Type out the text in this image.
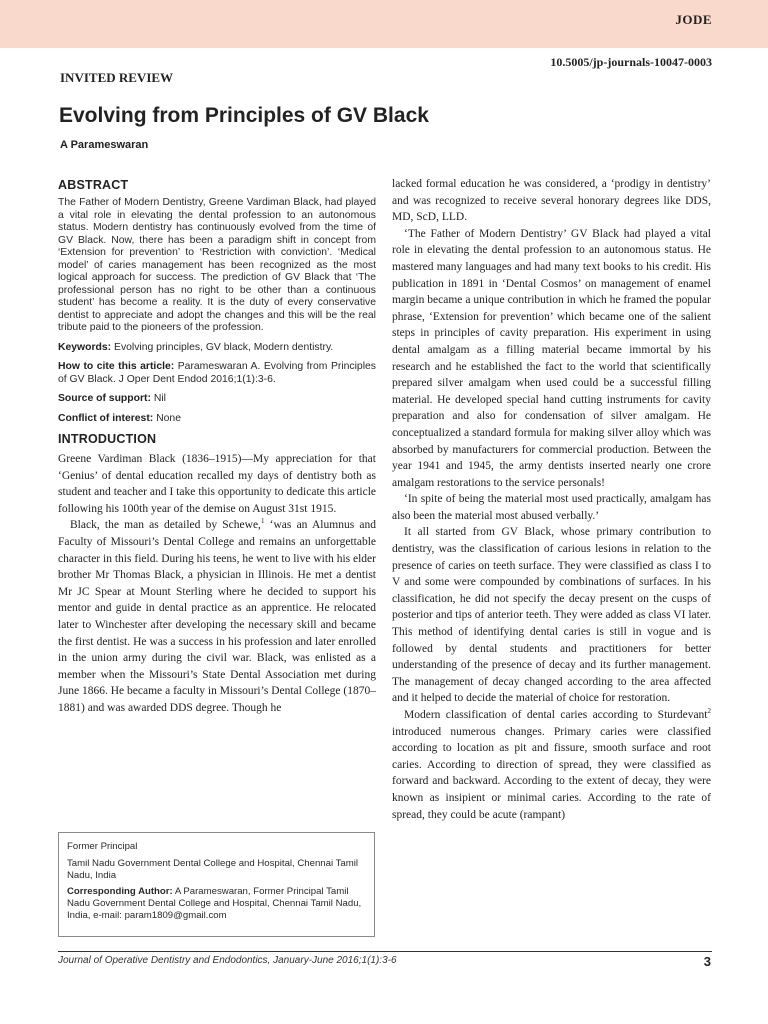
JODE
10.5005/jp-journals-10047-0003
INVITED REVIEW
Evolving from Principles of GV Black
A Parameswaran
ABSTRACT

The Father of Modern Dentistry, Greene Vardiman Black, had played a vital role in elevating the dental profession to an autonomous status. Modern dentistry has continuously evolved from the time of GV Black. Now, there has been a paradigm shift in concept from ‘Extension for prevention’ to ‘Restriction with conviction’. ‘Medical model’ of caries management has been recognized as the most logical approach for success. The prediction of GV Black that ‘The professional person has no right to be other than a continuous student’ has become a reality. It is the duty of every conservative dentist to appreciate and adopt the changes and this will be the real tribute paid to the pioneers of the profession.

Keywords: Evolving principles, GV black, Modern dentistry.

How to cite this article: Parameswaran A. Evolving from Principles of GV Black. J Oper Dent Endod 2016;1(1):3-6.

Source of support: Nil

Conflict of interest: None

INTRODUCTION

Greene Vardiman Black (1836–1915)—My appreciation for that ‘Genius’ of dental education recalled my days of dentistry both as student and teacher and I take this opportunity to dedicate this article following his 100th year of the demise on August 31st 1915.

Black, the man as detailed by Schewe,$^1$ ‘was an Alumnus and Faculty of Missouri’s Dental College and remains an unforgettable character in this field. During his teens, he went to live with his elder brother Mr Thomas Black, a physician in Illinois. He met a dentist Mr JC Spear at Mount Sterling where he decided to support his mentor and guide in dental practice as an apprentice. He relocated later to Winchester after developing the necessary skill and became the first dentist. He was a success in his profession and later enrolled in the union army during the civil war. Black, was enlisted as a member when the Missouri’s State Dental Association met during June 1866. He became a faculty in Missouri’s Dental College (1870–1881) and was awarded DDS degree. Though he

lacked formal education he was considered, a ‘prodigy in dentistry’ and was recognized to receive several honorary degrees like DDS, MD, ScD, LLD.

‘The Father of Modern Dentistry’ GV Black had played a vital role in elevating the dental profession to an autonomous status. He mastered many languages and had many text books to his credit. His publication in 1891 in ‘Dental Cosmos’ on management of enamel margin became a unique contribution in which he framed the popular phrase, ‘Extension for prevention’ which became one of the salient steps in principles of cavity preparation. His experiment in using dental amalgam as a filling material became immortal by his research and he established the fact to the world that scientifically prepared silver amalgam when used could be a successful filling material. He developed special hand cutting instruments for cavity preparation and also for condensation of silver amalgam. He conceptualized a standard formula for making silver alloy which was absorbed by manufacturers for commercial production. Between the year 1941 and 1945, the army dentists inserted nearly one crore amalgam restorations to the service personals!

‘In spite of being the material most used practically, amalgam has also been the material most abused verbally.’

It all started from GV Black, whose primary contribution to dentistry, was the classification of carious lesions in relation to the presence of caries on teeth surface. They were classified as class I to V and some were compounded by combinations of surfaces. In his classification, he did not specify the decay present on the cusps of posterior and tips of anterior teeth. They were added as class VI later. This method of identifying dental caries is still in vogue and is followed by dental students and practitioners for better understanding of the presence of decay and its further management. The management of decay changed according to the area affected and it helped to decide the material of choice for restoration.

Modern classification of dental caries according to Sturdevant$^2$ introduced numerous changes. Primary caries were classified according to location as pit and fissure, smooth surface and root caries. According to direction of spread, they were classified as forward and backward. According to the extent of decay, they were known as insipient or minimal caries. According to the rate of spread, they could be acute (rampant)

Former Principal

Tamil Nadu Government Dental College and Hospital, Chennai Tamil Nadu, India

Corresponding Author: A Parameswaran, Former Principal Tamil Nadu Government Dental College and Hospital, Chennai Tamil Nadu, India, e-mail: param1809@gmail.com

Journal of Operative Dentistry and Endodontics, January-June 2016;1(1):3-6	3
